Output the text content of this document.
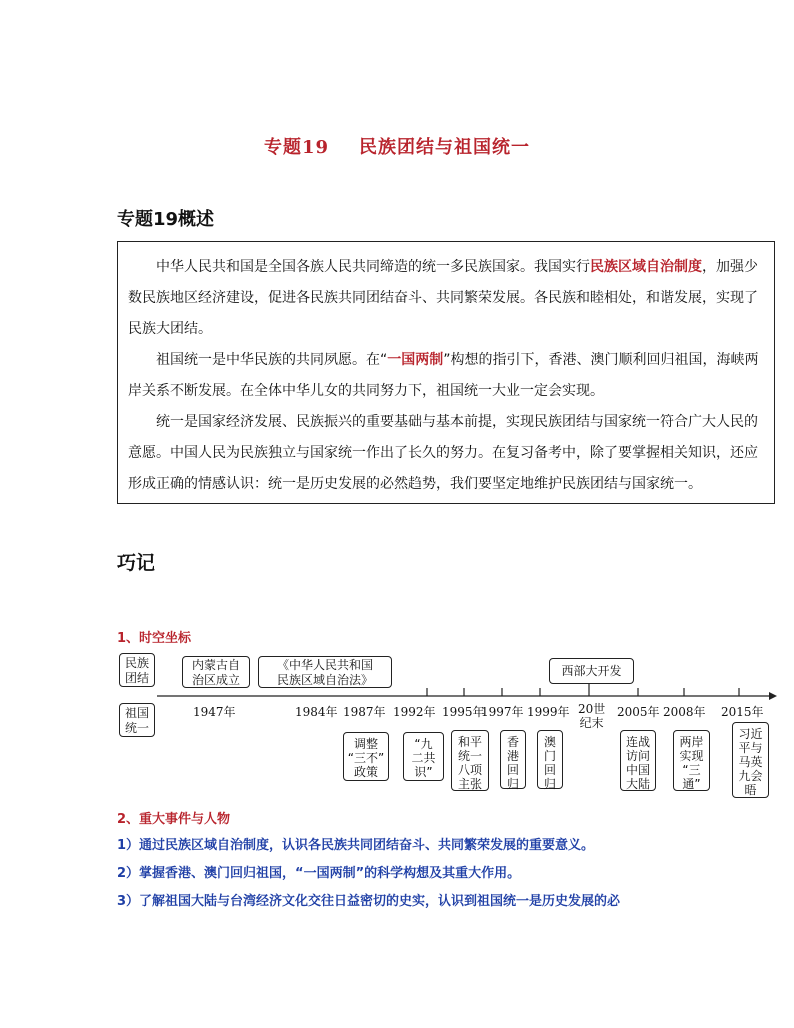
专题19 民族团结与祖国统一
专题19概述

中华人民共和国是全国各族人民共同缔造的统一多民族国家。我国实行民族区域自治制度，加强少数民族地区经济建设，促进各民族共同团结奋斗、共同繁荣发展。各民族和睦相处，和谐发展，实现了民族大团结。

祖国统一是中华民族的共同夙愿。在“一国两制”构想的指引下，香港、澳门顺利回归祖国，海峡两岸关系不断发展。在全体中华儿女的共同努力下，祖国统一大业一定会实现。

统一是国家经济发展、民族振兴的重要基础与基本前提，实现民族团结与国家统一符合广大人民的意愿。中国人民为民族独立与国家统一作出了长久的努力。在复习备考中，除了要掌握相关知识，还应形成正确的情感认识：统一是历史发展的必然趋势，我们要坚定地维护民族团结与国家统一。

巧记
1、时空坐标
民族
团结
祖国
统一
内蒙古自
治区成立
《中华人民共和国
民族区域自治法》
西部大开发
1947年	1984年 1987年 1992年 1995年
1997年 1999年 20世
纪末
2005年 2008年 2015年
调整
“三不”
政策
“九
二共
识”
和平
统一
八项
主张
香
港
回
归
澳
门
回
归
连战
访问
中国
大陆
两岸
实现
“三
通”
习近
平与
马英
九会
晤
2、重大事件与人物
1）通过民族区域自治制度，认识各民族共同团结奋斗、共同繁荣发展的重要意义。
2）掌握香港、澳门回归祖国，“一国两制”的科学构想及其重大作用。
3）了解祖国大陆与台湾经济文化交往日益密切的史实，认识到祖国统一是历史发展的必
